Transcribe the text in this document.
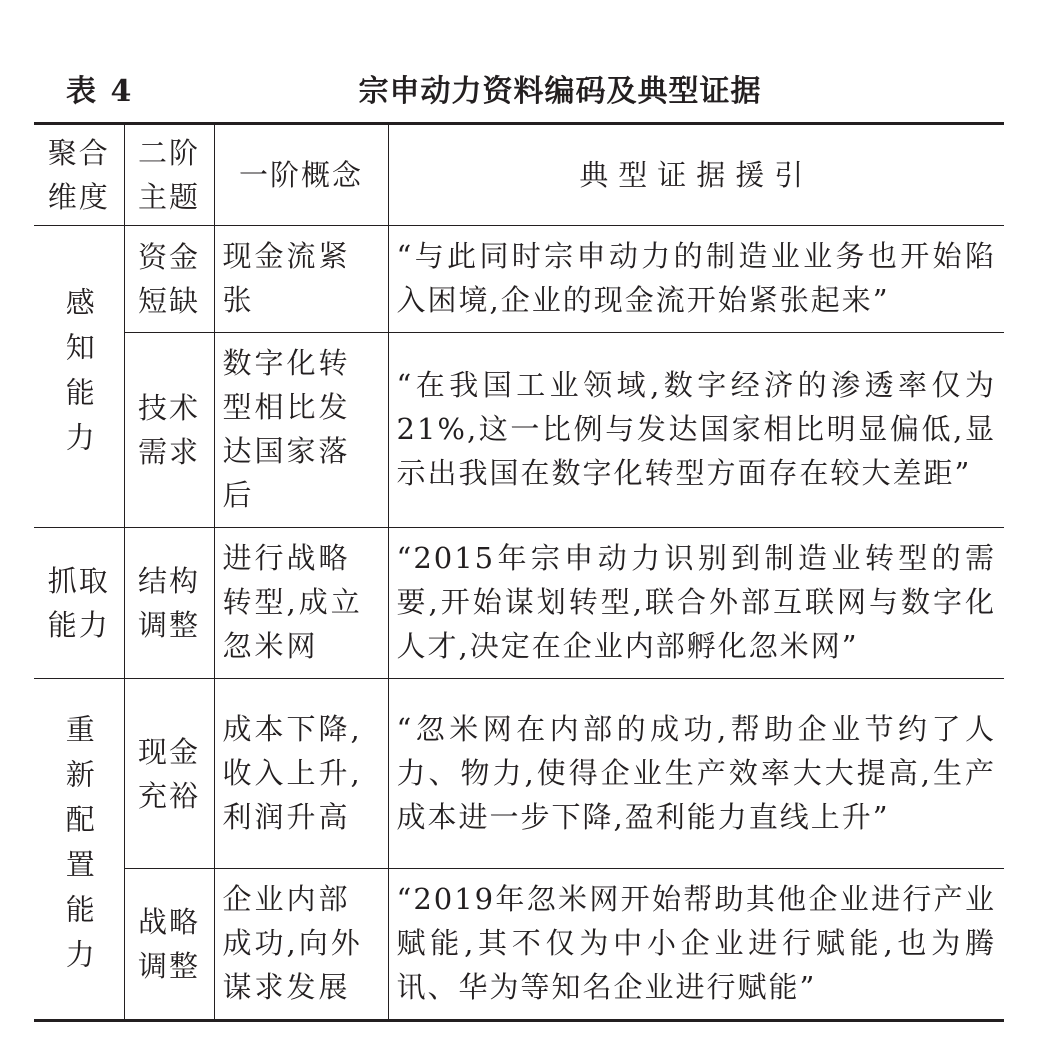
表 4	宗申动力资料编码及典型证据
聚合维度	二阶主题	一阶概念	典型证据援引
感知能力	资金短缺	现金流紧张	“与此同时宗申动力的制造业业务也开始陷入困境,企业的现金流开始紧张起来”

	技术需求	数字化转型相比发达国家落后	“在我国工业领域,数字经济的渗透率仅为21%,这一比例与发达国家相比明显偏低,显示出我国在数字化转型方面存在较大差距”

抓取能力	结构调整	进行战略转型,成立忽米网	“2015年宗申动力识别到制造业转型的需要,开始谋划转型,联合外部互联网与数字化人才,决定在企业内部孵化忽米网”

重新配置能力	现金充裕	成本下降,收入上升,利润升高	“忽米网在内部的成功,帮助企业节约了人力、物力,使得企业生产效率大大提高,生产成本进一步下降,盈利能力直线上升”

	战略调整	企业内部成功,向外谋求发展	“2019年忽米网开始帮助其他企业进行产业赋能,其不仅为中小企业进行赋能,也为腾讯、华为等知名企业进行赋能”
